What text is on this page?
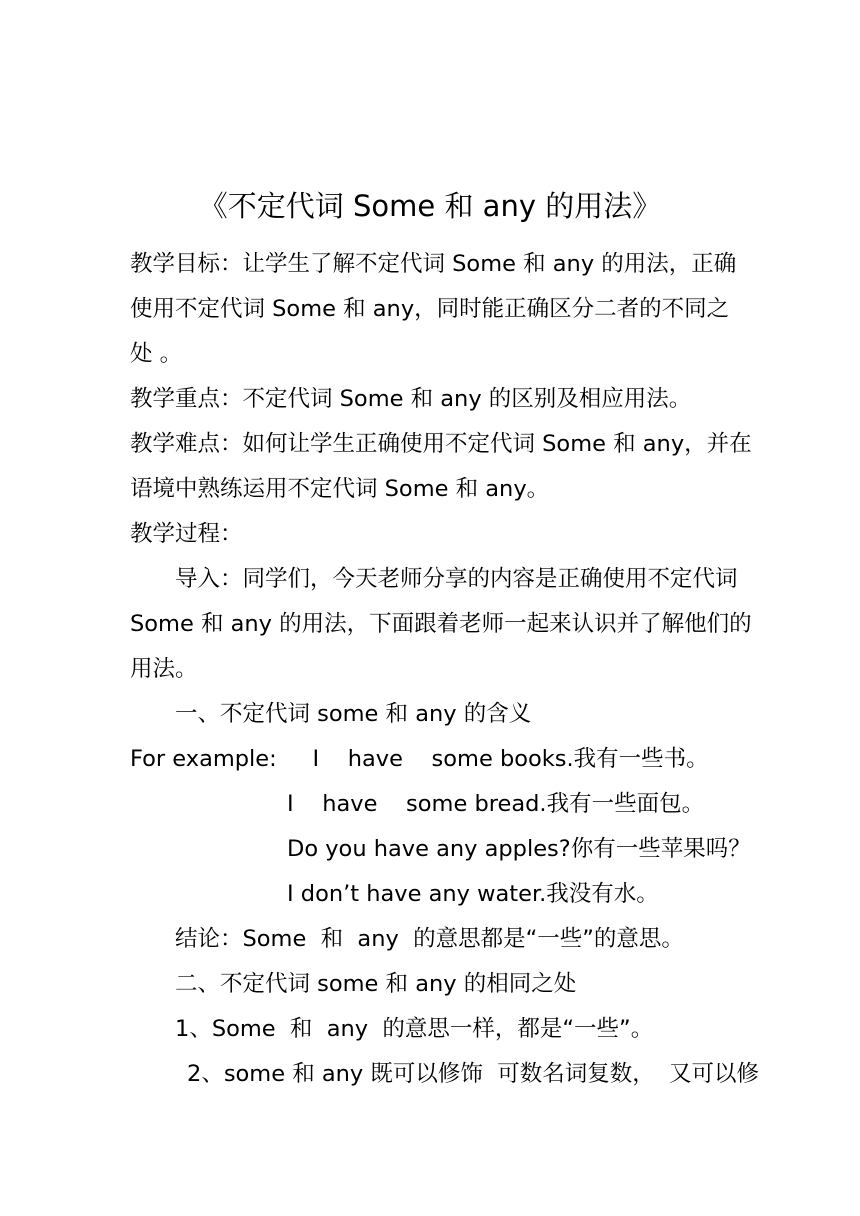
《不定代词 Some 和 any 的用法》
教学目标：让学生了解不定代词 Some 和 any 的用法，正确
使用不定代词 Some 和 any，同时能正确区分二者的不同之
处 。
教学重点：不定代词 Some 和 any 的区别及相应用法。
教学难点：如何让学生正确使用不定代词 Some 和 any，并在
语境中熟练运用不定代词 Some 和 any。
教学过程：
导入：同学们，今天老师分享的内容是正确使用不定代词
Some 和 any 的用法，下面跟着老师一起来认识并了解他们的
用法。
一、不定代词 some 和 any 的含义
For example:     I    have    some books.我有一些书。
I    have    some bread.我有一些面包。
Do you have any apples?你有一些苹果吗？
I don’t have any water.我没有水。
结论：Some  和  any  的意思都是“一些”的意思。
二、不定代词 some 和 any 的相同之处
1、Some  和  any  的意思一样，都是“一些”。
2、some 和 any 既可以修饰  可数名词复数，  又可以修
